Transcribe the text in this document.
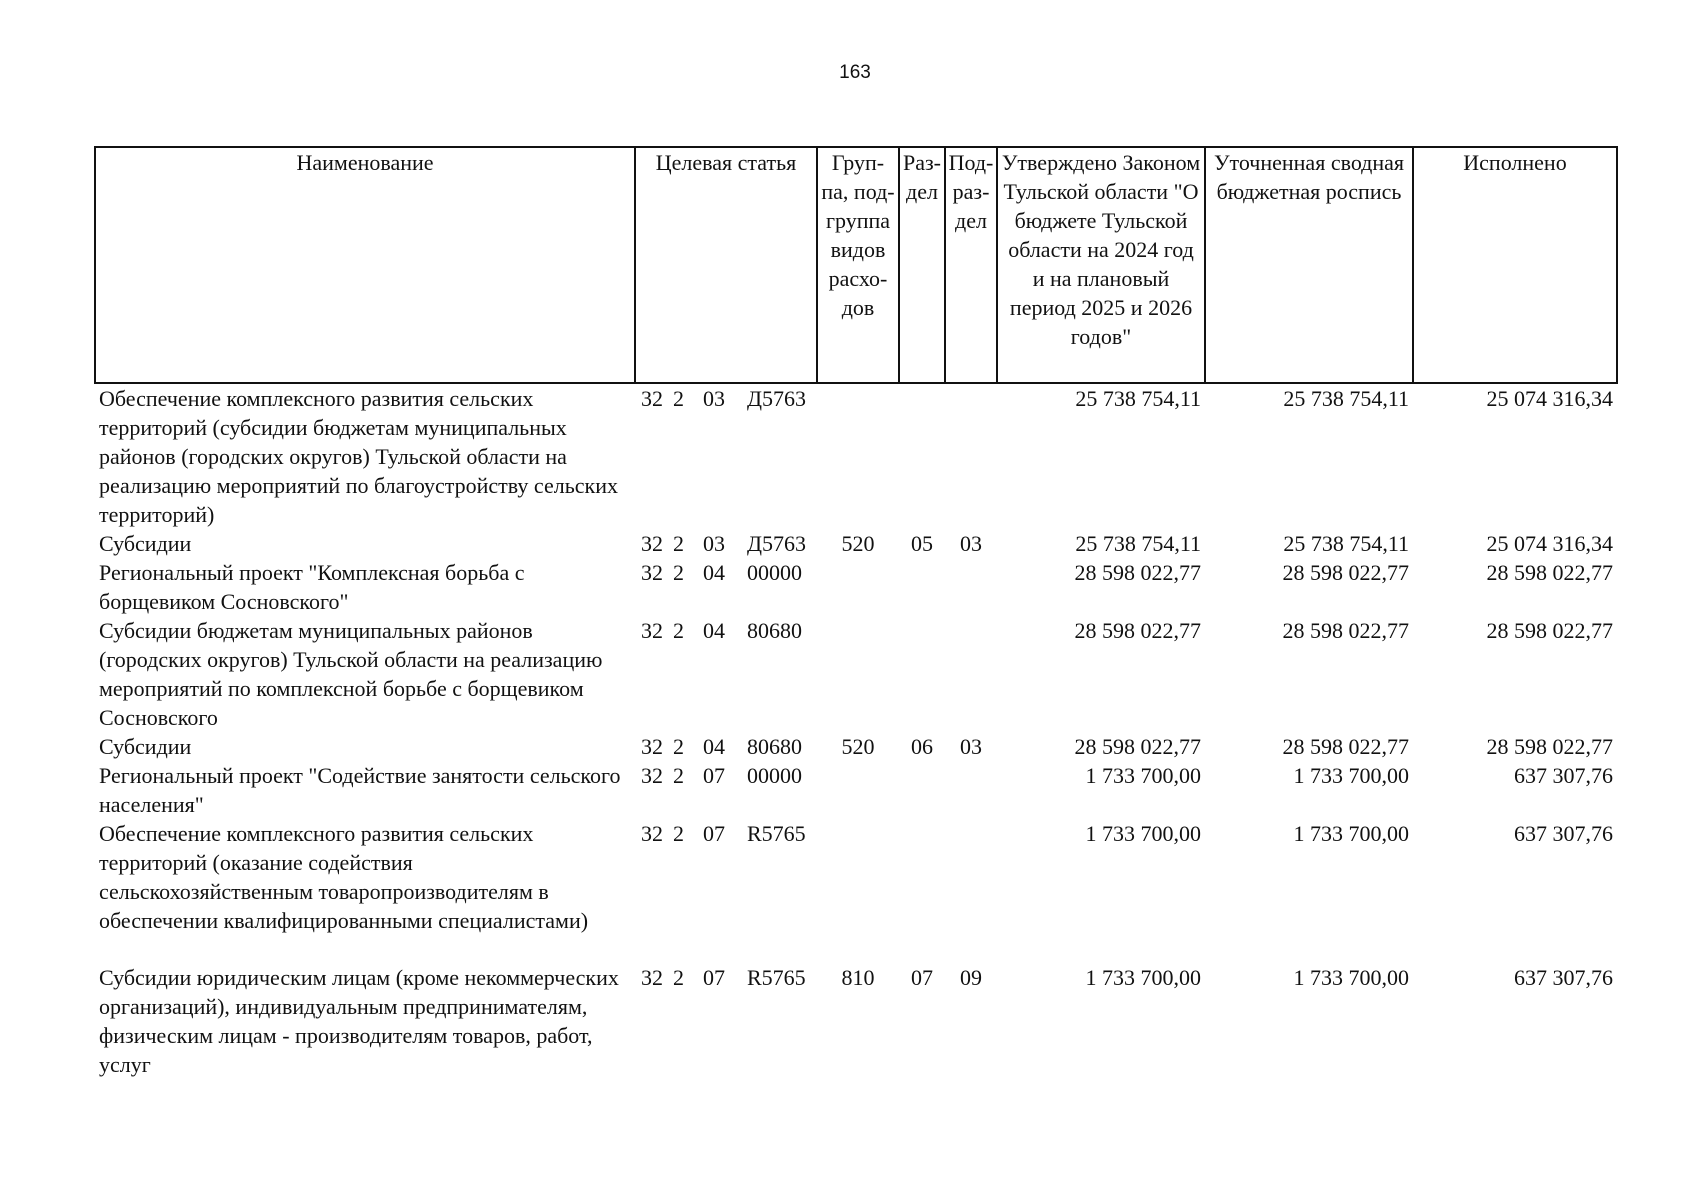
163
Наименование	Целевая статья	Груп-па, под-группа видов расхо-дов	Раз-дел	Под-раз-дел	Утверждено Законом Тульской области "О бюджете Тульской области на 2024 год и на плановый период 2025 и 2026 годов"	Уточненная сводная бюджетная роспись	Исполнено
Обеспечение комплексного развития сельских территорий (субсидии бюджетам муниципальных районов (городских округов) Тульской области на реализацию мероприятий по благоустройству сельских территорий)	32 2 03 Д5763				25 738 754,11	25 738 754,11	25 074 316,34
Субсидии	32 2 03 Д5763	520	05	03	25 738 754,11	25 738 754,11	25 074 316,34
Региональный проект "Комплексная борьба с борщевиком Сосновского"	32 2 04 00000				28 598 022,77	28 598 022,77	28 598 022,77
Субсидии бюджетам муниципальных районов (городских округов) Тульской области на реализацию мероприятий по комплексной борьбе с борщевиком Сосновского	32 2 04 80680				28 598 022,77	28 598 022,77	28 598 022,77
Субсидии	32 2 04 80680	520	06	03	28 598 022,77	28 598 022,77	28 598 022,77
Региональный проект "Содействие занятости сельского населения"	32 2 07 00000				1 733 700,00	1 733 700,00	637 307,76
Обеспечение комплексного развития сельских территорий (оказание содействия сельскохозяйственным товаропроизводителям в обеспечении квалифицированными специалистами)	32 2 07 R5765				1 733 700,00	1 733 700,00	637 307,76
Субсидии юридическим лицам (кроме некоммерческих организаций), индивидуальным предпринимателям, физическим лицам - производителям товаров, работ, услуг	32 2 07 R5765	810	07	09	1 733 700,00	1 733 700,00	637 307,76
